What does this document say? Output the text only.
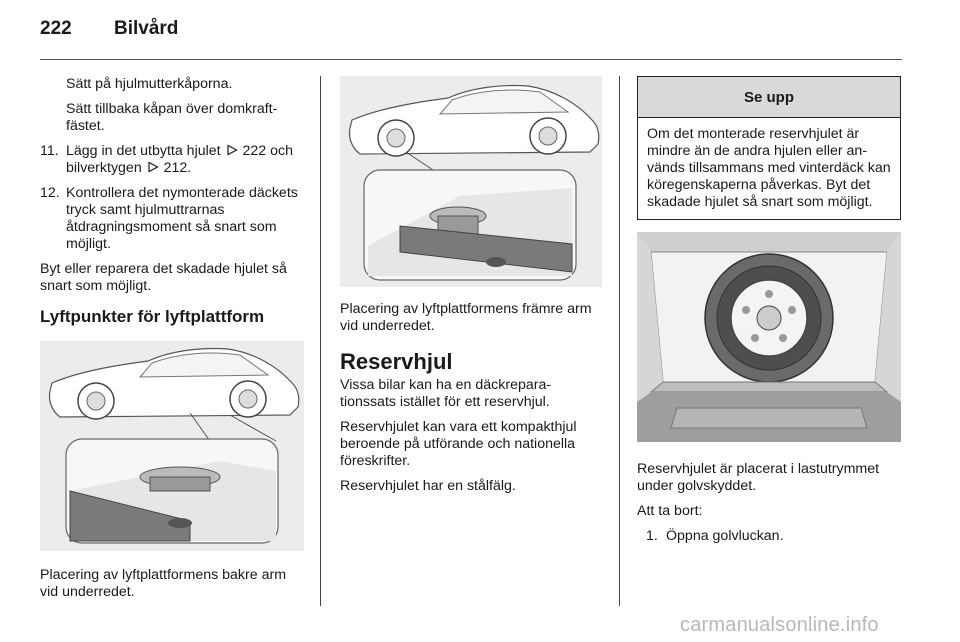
222	Bilvård
Sätt på hjulmutterkåporna.
Sätt tillbaka kåpan över domkraftfästet.
11. Lägg in det utbytta hjulet 222 och bilverktygen 212.
12. Kontrollera det nymonterade däckets tryck samt hjulmuttrarnas åtdragningsmoment så snart som möjligt.
Byt eller reparera det skadade hjulet så snart som möjligt.
Lyftpunkter för lyftplattform
Placering av lyftplattformens bakre arm vid underredet.
Placering av lyftplattformens främre arm vid underredet.
Reservhjul
Vissa bilar kan ha en däckreparationssats istället för ett reservhjul.
Reservhjulet kan vara ett kompakthjul beroende på utförande och nationella föreskrifter.
Reservhjulet har en stålfälg.
Se upp
Om det monterade reservhjulet är mindre än de andra hjulen eller används tillsammans med vinterdäck kan köregenskaperna påverkas. Byt det skadade hjulet så snart som möjligt.
Reservhjulet är placerat i lastutrymmet under golvskyddet.
Att ta bort:
1. Öppna golvluckan.
carmanualsonline.info
